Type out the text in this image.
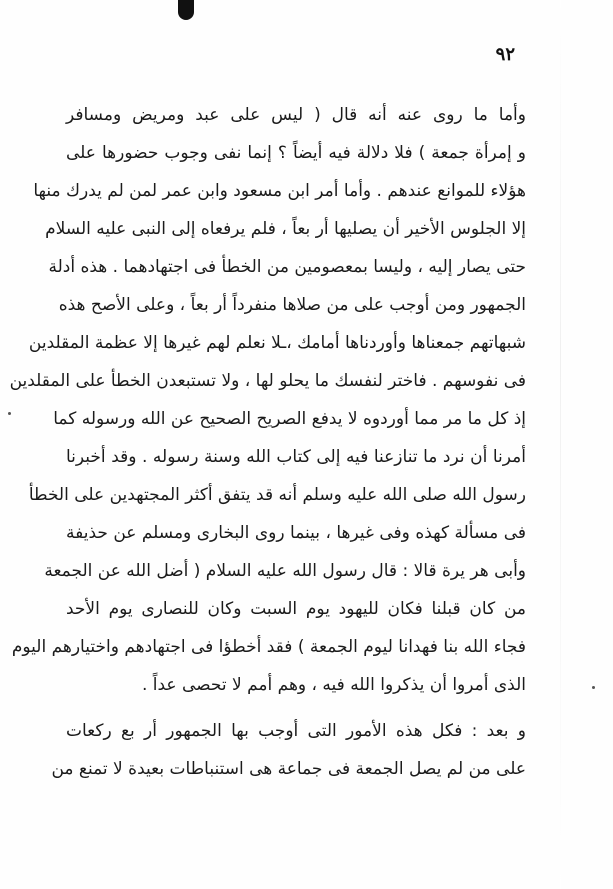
٩٢
وأما ما روى عنه أنه قال ( ليس على عبد ومريض ومسافر
و إمرأة جمعة ) فلا دلالة فيه أيضاً ؟ إنما نفى وجوب حضورها على
هؤلاء للموانع عندهم . وأما أمر ابن مسعود وابن عمر لمن لم يدرك منها
إلا الجلوس الأخير أن يصليها أر بعاً ، فلم يرفعاه إلى النبى عليه السلام
حتى يصار إليه ، وليسا بمعصومين من الخطأ فى اجتهادهما . هذه أدلة
الجمهور ومن أوجب على من صلاها منفرداً أر بعاً ، وعلى الأصح هذه
شبهاتهم جمعناها وأوردناها أمامك ،ـلا نعلم لهم غيرها إلا عظمة المقلدين
فى نفوسهم . فاختر لنفسك ما يحلو لها ، ولا تستبعدن الخطأ على المقلدين
إذ كل ما مر مما أوردوه لا يدفع الصريح الصحيح عن الله ورسوله كما
أمرنا أن نرد ما تنازعنا فيه إلى كتاب الله وسنة رسوله . وقد أخبرنا
رسول الله صلى الله عليه وسلم أنه قد يتفق أكثر المجتهدين على الخطأ
فى مسألة كهذه وفى غيرها ، بينما روى البخارى ومسلم عن حذيفة
وأبى هر يرة قالا : قال رسول الله عليه السلام ( أضل الله عن الجمعة
من كان قبلنا فكان لليهود يوم السبت وكان للنصارى يوم الأحد
فجاء الله بنا فهدانا ليوم الجمعة ) فقد أخطؤا فى اجتهادهم واختيارهم اليوم
الذى أمروا أن يذكروا الله فيه ، وهم أمم لا تحصى عداً .
و بعد : فكل هذه الأمور التى أوجب بها الجمهور أر بع ركعات
على من لم يصل الجمعة فى جماعة هى استنباطات بعيدة لا تمنع من
